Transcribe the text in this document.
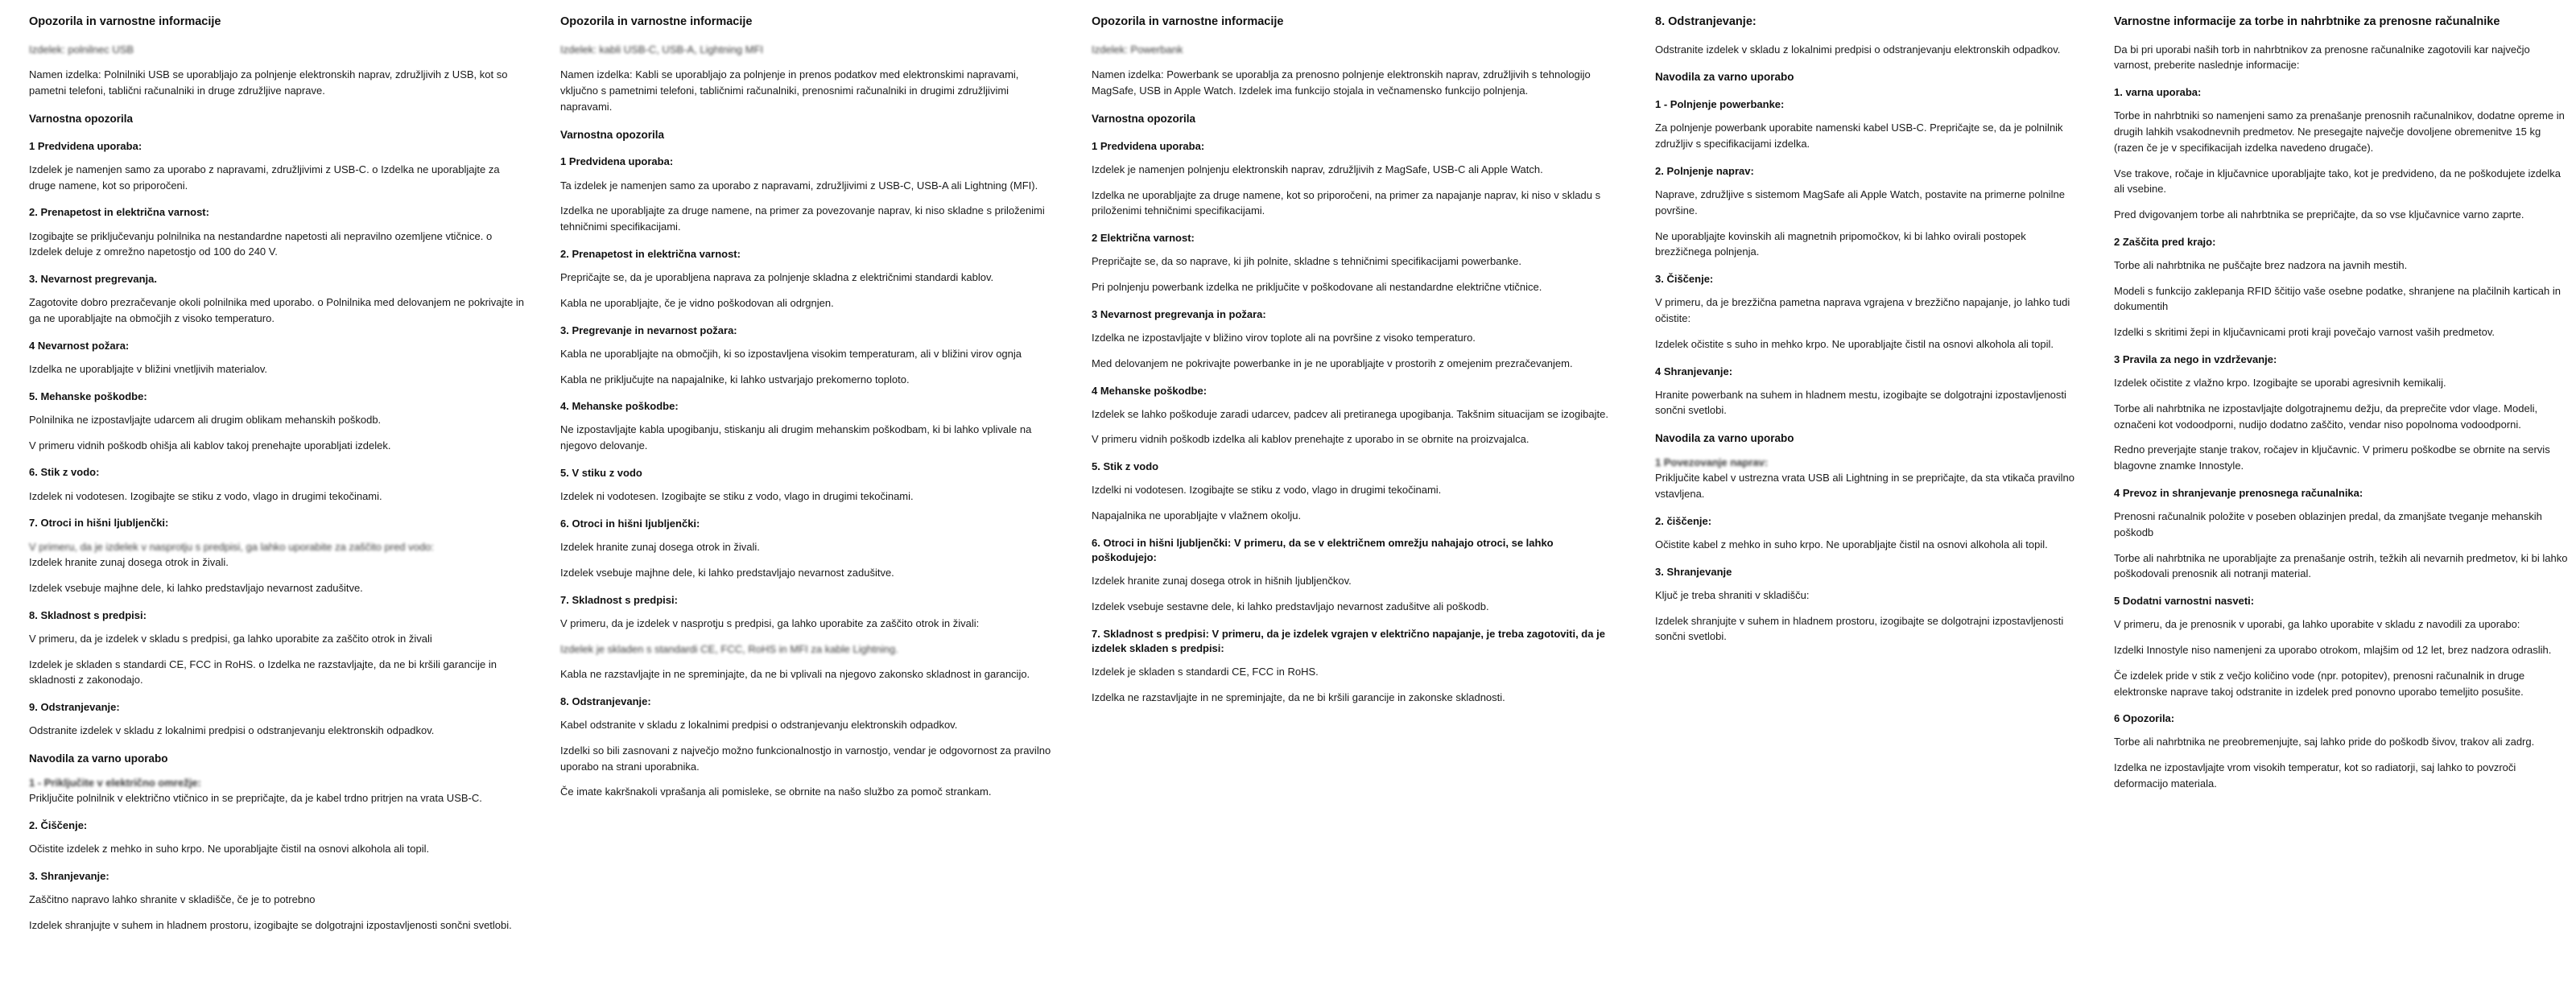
Opozorila in varnostne informacije

Izdelek: polnilnec USB

Namen izdelka: Polnilniki USB se uporabljajo za polnjenje elektronskih naprav, združljivih z USB, kot so pametni telefoni, tablični računalniki in druge združljive naprave.

Varnostna opozorila
1 Predvidena uporaba:

Izdelek je namenjen samo za uporabo z napravami, združljivimi z USB-C. o Izdelka ne uporabljajte za druge namene, kot so priporočeni.

2. Prenapetost in električna varnost:

Izogibajte se priključevanju polnilnika na nestandardne napetosti ali nepravilno ozemljene vtičnice. o Izdelek deluje z omrežno napetostjo od 100 do 240 V.

3. Nevarnost pregrevanja.

Zagotovite dobro prezračevanje okoli polnilnika med uporabo. o Polnilnika med delovanjem ne pokrivajte in ga ne uporabljajte na območjih z visoko temperaturo.

4 Nevarnost požara:

Izdelka ne uporabljajte v bližini vnetljivih materialov.

5. Mehanske poškodbe:

Polnilnika ne izpostavljajte udarcem ali drugim oblikam mehanskih poškodb.

V primeru vidnih poškodb ohišja ali kablov takoj prenehajte uporabljati izdelek.

6. Stik z vodo:

Izdelek ni vodotesen. Izogibajte se stiku z vodo, vlago in drugimi tekočinami.

7. Otroci in hišni ljubljenčki:

V primeru, da je izdelek v nasprotju s predpisi, ga lahko uporabite za zaščito pred vodo:

Izdelek hranite zunaj dosega otrok in živali.

Izdelek vsebuje majhne dele, ki lahko predstavljajo nevarnost zadušitve.

8. Skladnost s predpisi:

V primeru, da je izdelek v skladu s predpisi, ga lahko uporabite za zaščito otrok in živali

Izdelek je skladen s standardi CE, FCC in RoHS. o Izdelka ne razstavljajte, da ne bi kršili garancije in skladnosti z zakonodajo.

9. Odstranjevanje:

Odstranite izdelek v skladu z lokalnimi predpisi o odstranjevanju elektronskih odpadkov.

Navodila za varno uporabo
1 - Priključite v električno omrežje:

Priključite polnilnik v električno vtičnico in se prepričajte, da je kabel trdno pritrjen na vrata USB-C.

2. Čiščenje:

Očistite izdelek z mehko in suho krpo. Ne uporabljajte čistil na osnovi alkohola ali topil.

3. Shranjevanje:

Zaščitno napravo lahko shranite v skladišče, če je to potrebno

Izdelek shranjujte v suhem in hladnem prostoru, izogibajte se dolgotrajni izpostavljenosti sončni svetlobi.

Opozorila in varnostne informacije

Izdelek: kabli USB-C, USB-A, Lightning MFI

Namen izdelka: Kabli se uporabljajo za polnjenje in prenos podatkov med elektronskimi napravami, vključno s pametnimi telefoni, tabličnimi računalniki, prenosnimi računalniki in drugimi združljivimi napravami.

Varnostna opozorila
1 Predvidena uporaba:

Ta izdelek je namenjen samo za uporabo z napravami, združljivimi z USB-C, USB-A ali Lightning (MFI).

Izdelka ne uporabljajte za druge namene, na primer za povezovanje naprav, ki niso skladne s priloženimi tehničnimi specifikacijami.

2. Prenapetost in električna varnost:

Prepričajte se, da je uporabljena naprava za polnjenje skladna z električnimi standardi kablov.

Kabla ne uporabljajte, če je vidno poškodovan ali odrgnjen.

3. Pregrevanje in nevarnost požara:

Kabla ne uporabljajte na območjih, ki so izpostavljena visokim temperaturam, ali v bližini virov ognja

Kabla ne priključujte na napajalnike, ki lahko ustvarjajo prekomerno toploto.

4. Mehanske poškodbe:

Ne izpostavljajte kabla upogibanju, stiskanju ali drugim mehanskim poškodbam, ki bi lahko vplivale na njegovo delovanje.

5. V stiku z vodo

Izdelek ni vodotesen. Izogibajte se stiku z vodo, vlago in drugimi tekočinami.

6. Otroci in hišni ljubljenčki:

Izdelek hranite zunaj dosega otrok in živali.

Izdelek vsebuje majhne dele, ki lahko predstavljajo nevarnost zadušitve.

7. Skladnost s predpisi:

V primeru, da je izdelek v nasprotju s predpisi, ga lahko uporabite za zaščito otrok in živali:

Izdelek je skladen s standardi CE, FCC, RoHS in MFI za kable Lightning.

Kabla ne razstavljajte in ne spreminjajte, da ne bi vplivali na njegovo zakonsko skladnost in garancijo.

8. Odstranjevanje:

Kabel odstranite v skladu z lokalnimi predpisi o odstranjevanju elektronskih odpadkov.

Izdelki so bili zasnovani z največjo možno funkcionalnostjo in varnostjo, vendar je odgovornost za pravilno uporabo na strani uporabnika.

Če imate kakršnakoli vprašanja ali pomisleke, se obrnite na našo službo za pomoč strankam.

Opozorila in varnostne informacije

Izdelek: Powerbank

Namen izdelka: Powerbank se uporablja za prenosno polnjenje elektronskih naprav, združljivih s tehnologijo MagSafe, USB in Apple Watch. Izdelek ima funkcijo stojala in večnamensko funkcijo polnjenja.

Varnostna opozorila
1 Predvidena uporaba:

Izdelek je namenjen polnjenju elektronskih naprav, združljivih z MagSafe, USB-C ali Apple Watch.

Izdelka ne uporabljajte za druge namene, kot so priporočeni, na primer za napajanje naprav, ki niso v skladu s priloženimi tehničnimi specifikacijami.

2 Električna varnost:

Prepričajte se, da so naprave, ki jih polnite, skladne s tehničnimi specifikacijami powerbanke.

Pri polnjenju powerbank izdelka ne priključite v poškodovane ali nestandardne električne vtičnice.

3 Nevarnost pregrevanja in požara:

Izdelka ne izpostavljajte v bližino virov toplote ali na površine z visoko temperaturo.

Med delovanjem ne pokrivajte powerbanke in je ne uporabljajte v prostorih z omejenim prezračevanjem.

4 Mehanske poškodbe:

Izdelek se lahko poškoduje zaradi udarcev, padcev ali pretiranega upogibanja. Takšnim situacijam se izogibajte.

V primeru vidnih poškodb izdelka ali kablov prenehajte z uporabo in se obrnite na proizvajalca.

5. Stik z vodo

Izdelki ni vodotesen. Izogibajte se stiku z vodo, vlago in drugimi tekočinami.

Napajalnika ne uporabljajte v vlažnem okolju.

6. Otroci in hišni ljubljenčki: V primeru, da se v električnem omrežju nahajajo otroci, se lahko poškodujejo:

Izdelek hranite zunaj dosega otrok in hišnih ljubljenčkov.

Izdelek vsebuje sestavne dele, ki lahko predstavljajo nevarnost zadušitve ali poškodb.

7. Skladnost s predpisi: V primeru, da je izdelek vgrajen v električno napajanje, je treba zagotoviti, da je izdelek skladen s predpisi:

Izdelek je skladen s standardi CE, FCC in RoHS.

Izdelka ne razstavljajte in ne spreminjajte, da ne bi kršili garancije in zakonske skladnosti.

8. Odstranjevanje:

Odstranite izdelek v skladu z lokalnimi predpisi o odstranjevanju elektronskih odpadkov.

Navodila za varno uporabo
1 - Polnjenje powerbanke:

Za polnjenje powerbank uporabite namenski kabel USB-C. Prepričajte se, da je polnilnik združljiv s specifikacijami izdelka.

2. Polnjenje naprav:

Naprave, združljive s sistemom MagSafe ali Apple Watch, postavite na primerne polnilne površine.

Ne uporabljajte kovinskih ali magnetnih pripomočkov, ki bi lahko ovirali postopek brezžičnega polnjenja.

3. Čiščenje:

V primeru, da je brezžična pametna naprava vgrajena v brezžično napajanje, jo lahko tudi očistite:

Izdelek očistite s suho in mehko krpo. Ne uporabljajte čistil na osnovi alkohola ali topil.

4 Shranjevanje:

Hranite powerbank na suhem in hladnem mestu, izogibajte se dolgotrajni izpostavljenosti sončni svetlobi.

Navodila za varno uporabo
1 Povezovanje naprav:

Priključite kabel v ustrezna vrata USB ali Lightning in se prepričajte, da sta vtikača pravilno vstavljena.

2. čiščenje:

Očistite kabel z mehko in suho krpo. Ne uporabljajte čistil na osnovi alkohola ali topil.

3. Shranjevanje

Ključ je treba shraniti v skladišču:

Izdelek shranjujte v suhem in hladnem prostoru, izogibajte se dolgotrajni izpostavljenosti sončni svetlobi.

Varnostne informacije za torbe in nahrbtnike za prenosne računalnike

Da bi pri uporabi naših torb in nahrbtnikov za prenosne računalnike zagotovili kar največjo varnost, preberite naslednje informacije:

1. varna uporaba:

Torbe in nahrbtniki so namenjeni samo za prenašanje prenosnih računalnikov, dodatne opreme in drugih lahkih vsakodnevnih predmetov. Ne presegajte največje dovoljene obremenitve 15 kg (razen če je v specifikacijah izdelka navedeno drugače).

Vse trakove, ročaje in ključavnice uporabljajte tako, kot je predvideno, da ne poškodujete izdelka ali vsebine.

Pred dvigovanjem torbe ali nahrbtnika se prepričajte, da so vse ključavnice varno zaprte.

2 Zaščita pred krajo:

Torbe ali nahrbtnika ne puščajte brez nadzora na javnih mestih.

Modeli s funkcijo zaklepanja RFID ščitijo vaše osebne podatke, shranjene na plačilnih karticah in dokumentih

Izdelki s skritimi žepi in ključavnicami proti kraji povečajo varnost vaših predmetov.

3 Pravila za nego in vzdrževanje:

Izdelek očistite z vlažno krpo. Izogibajte se uporabi agresivnih kemikalij.

Torbe ali nahrbtnika ne izpostavljajte dolgotrajnemu dežju, da preprečite vdor vlage. Modeli, označeni kot vodoodporni, nudijo dodatno zaščito, vendar niso popolnoma vodoodporni.

Redno preverjajte stanje trakov, ročajev in ključavnic. V primeru poškodbe se obrnite na servis blagovne znamke Innostyle.

4 Prevoz in shranjevanje prenosnega računalnika:

Prenosni računalnik položite v poseben oblazinjen predal, da zmanjšate tveganje mehanskih poškodb

Torbe ali nahrbtnika ne uporabljajte za prenašanje ostrih, težkih ali nevarnih predmetov, ki bi lahko poškodovali prenosnik ali notranji material.

5 Dodatni varnostni nasveti:

V primeru, da je prenosnik v uporabi, ga lahko uporabite v skladu z navodili za uporabo:

Izdelki Innostyle niso namenjeni za uporabo otrokom, mlajšim od 12 let, brez nadzora odraslih.

Če izdelek pride v stik z večjo količino vode (npr. potopitev), prenosni računalnik in druge elektronske naprave takoj odstranite in izdelek pred ponovno uporabo temeljito posušite.

6 Opozorila:

Torbe ali nahrbtnika ne preobremenjujte, saj lahko pride do poškodb šivov, trakov ali zadrg.

Izdelka ne izpostavljajte vrom visokih temperatur, kot so radiatorji, saj lahko to povzroči deformacijo materiala.
